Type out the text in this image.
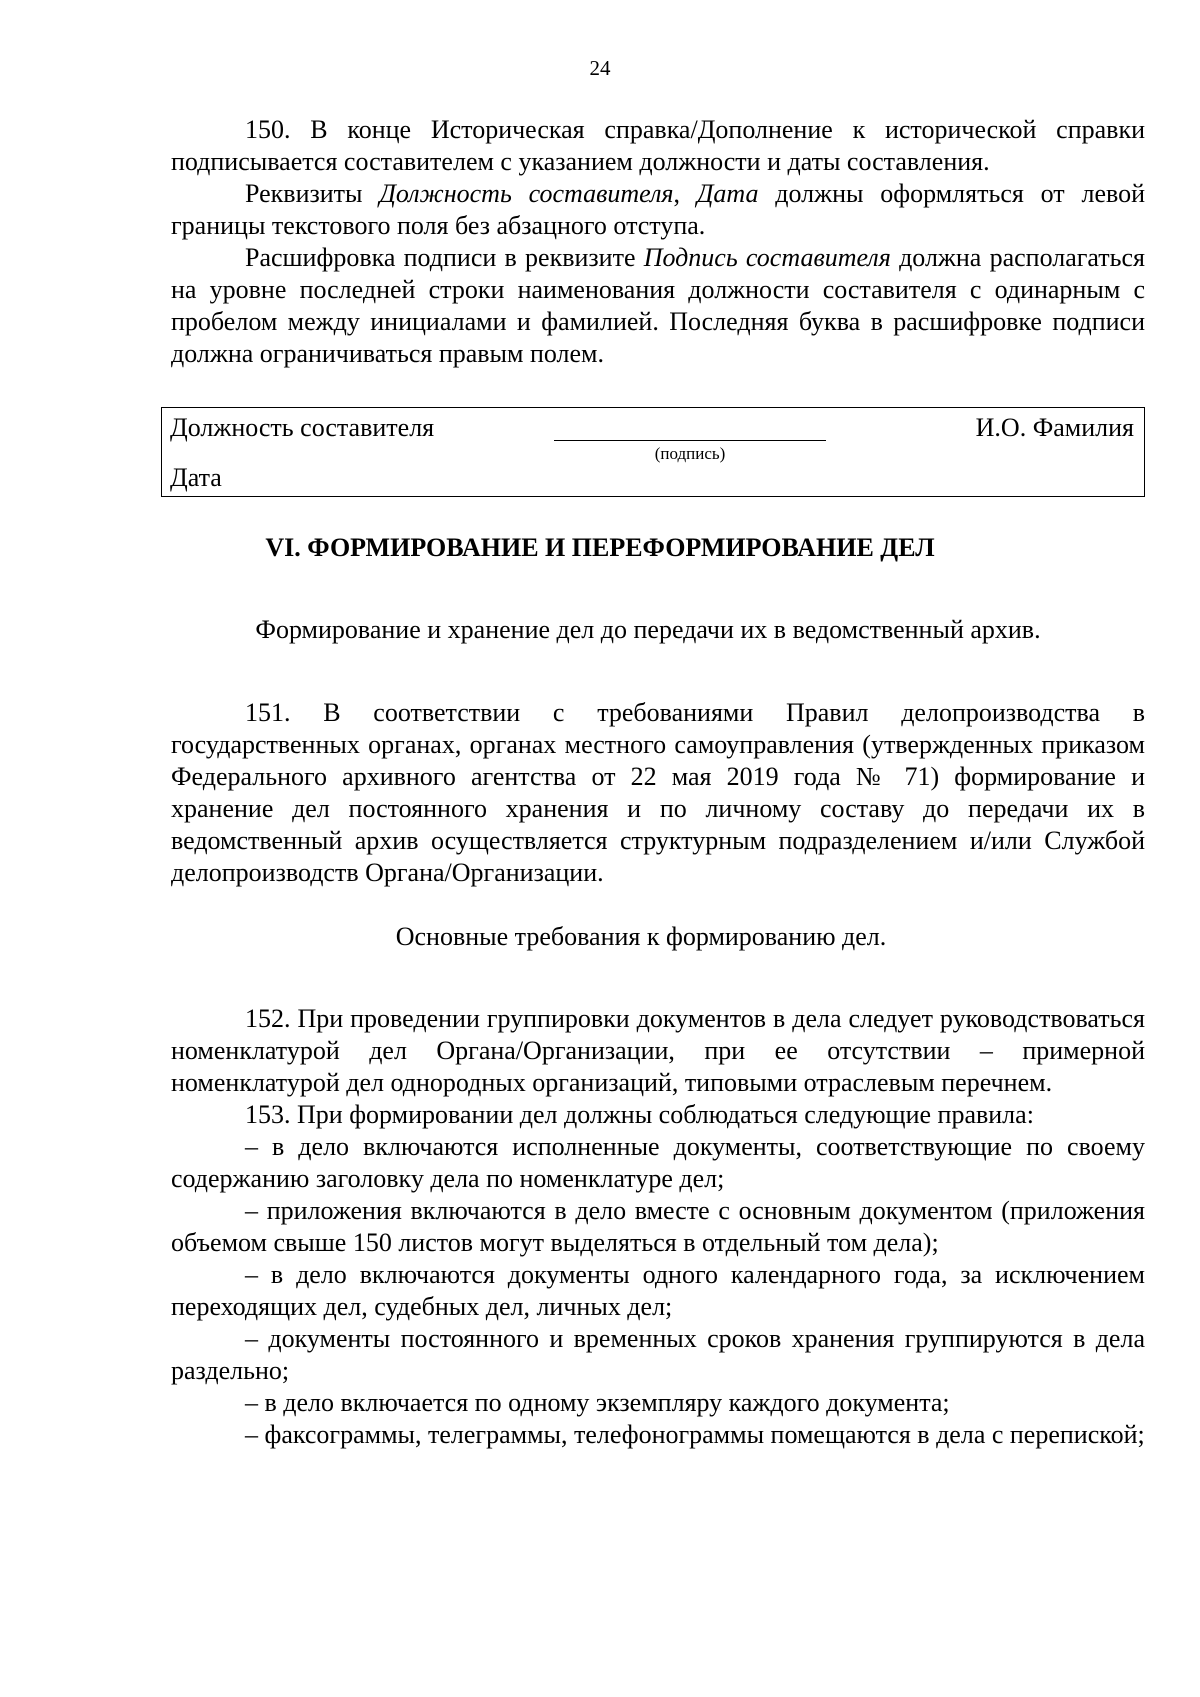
24

150. В конце Историческая справка/Дополнение к исторической справки подписывается составителем с указанием должности и даты составления.

Реквизиты Должность составителя, Дата должны оформляться от левой границы текстового поля без абзацного отступа.

Расшифровка подписи в реквизите Подпись составителя должна располагаться на уровне последней строки наименования должности составителя с одинарным с пробелом между инициалами и фамилией. Последняя буква в расшифровке подписи должна ограничиваться правым полем.

Должность составителя
(подпись)
И.О. Фамилия
Дата
VI. ФОРМИРОВАНИЕ И ПЕРЕФОРМИРОВАНИЕ ДЕЛ
Формирование и хранение дел до передачи их в ведомственный архив.

151. В соответствии с требованиями Правил делопроизводства в государственных органах, органах местного самоуправления (утвержденных приказом Федерального архивного агентства от 22 мая 2019 года № 71) формирование и хранение дел постоянного хранения и по личному составу до передачи их в ведомственный архив осуществляется структурным подразделением и/или Службой делопроизводств Органа/Организации.

Основные требования к формированию дел.

152. При проведении группировки документов в дела следует руководствоваться номенклатурой дел Органа/Организации, при ее отсутствии – примерной номенклатурой дел однородных организаций, типовыми отраслевым перечнем.

153. При формировании дел должны соблюдаться следующие правила:

– в дело включаются исполненные документы, соответствующие по своему содержанию заголовку дела по номенклатуре дел;

– приложения включаются в дело вместе с основным документом (приложения объемом свыше 150 листов могут выделяться в отдельный том дела);

– в дело включаются документы одного календарного года, за исключением переходящих дел, судебных дел, личных дел;

– документы постоянного и временных сроков хранения группируются в дела раздельно;

– в дело включается по одному экземпляру каждого документа;

– факсограммы, телеграммы, телефонограммы помещаются в дела с перепиской;
